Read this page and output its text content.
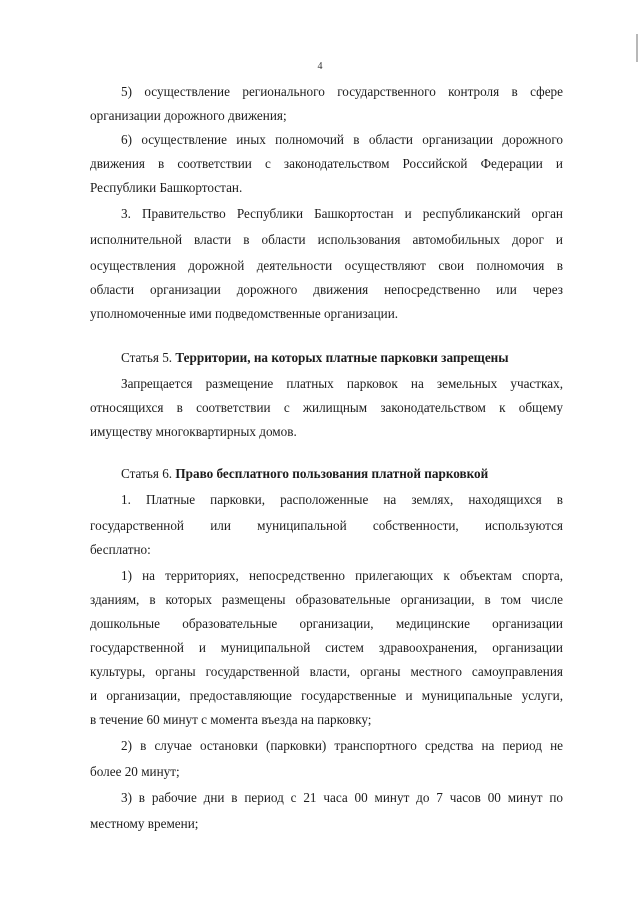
4
5) осуществление регионального государственного контроля в сфере
организации дорожного движения;
6) осуществление иных полномочий в области организации дорожного
движения в соответствии с законодательством Российской Федерации и
Республики Башкортостан.
3. Правительство Республики Башкортостан и республиканский орган
исполнительной власти в области использования автомобильных дорог и
осуществления дорожной деятельности осуществляют свои полномочия в
области организации дорожного движения непосредственно или через
уполномоченные ими подведомственные организации.
Статья 5. Территории, на которых платные парковки запрещены
Запрещается размещение платных парковок на земельных участках,
относящихся в соответствии с жилищным законодательством к общему
имуществу многоквартирных домов.
Статья 6. Право бесплатного пользования платной парковкой
1. Платные парковки, расположенные на землях, находящихся в
государственной или муниципальной собственности, используются
бесплатно:
1) на территориях, непосредственно прилегающих к объектам спорта,
зданиям, в которых размещены образовательные организации, в том числе
дошкольные образовательные организации, медицинские организации
государственной и муниципальной систем здравоохранения, организации
культуры, органы государственной власти, органы местного самоуправления
и организации, предоставляющие государственные и муниципальные услуги,
в течение 60 минут с момента въезда на парковку;
2) в случае остановки (парковки) транспортного средства на период не
более 20 минут;
3) в рабочие дни в период с 21 часа 00 минут до 7 часов 00 минут по
местному времени;
